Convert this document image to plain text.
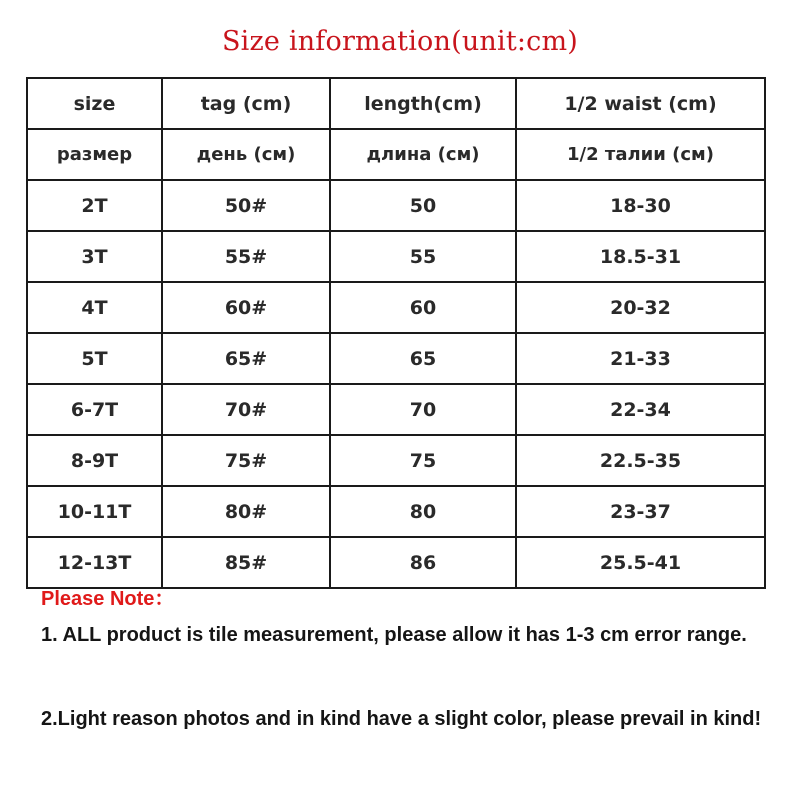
Size information(unit:cm)
size	tag (cm)	length(cm)	1/2 waist (cm)
размер	день (см)	длина (см)	1/2 талии (см)
2T	50#	50	18-30
3T	55#	55	18.5-31
4T	60#	60	20-32
5T	65#	65	21-33
6-7T	70#	70	22-34
8-9T	75#	75	22.5-35
10-11T	80#	80	23-37
12-13T	85#	86	25.5-41
Please Note：
1. ALL product is tile measurement, please allow it has 1-3 cm error range.
2.Light reason photos and in kind have a slight color, please prevail in kind!
